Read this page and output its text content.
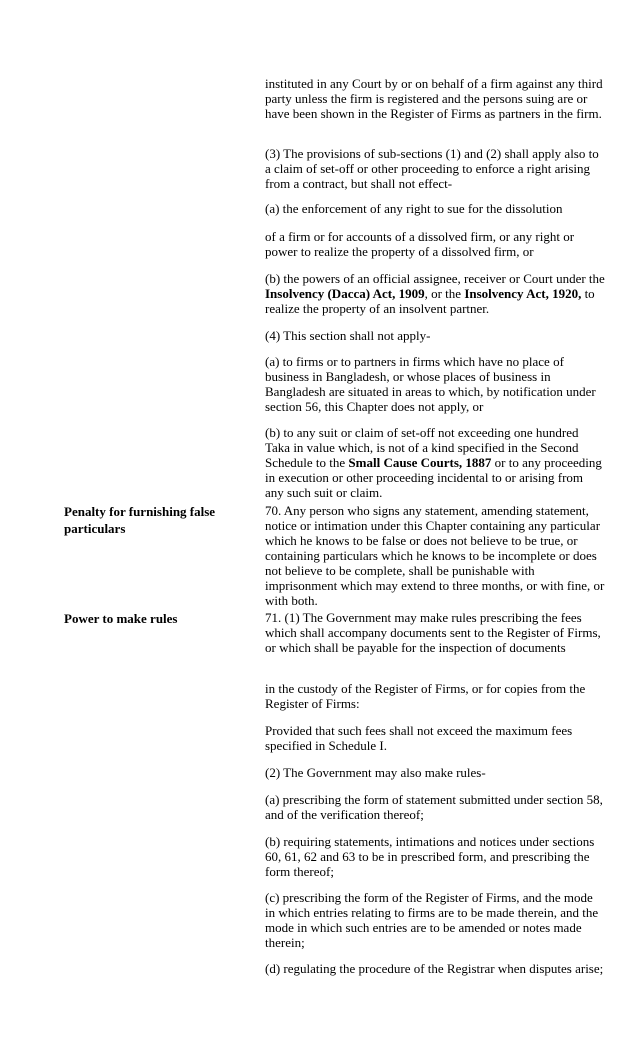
instituted in any Court by or on behalf of a firm against any third party unless the firm is registered and the persons suing are or have been shown in the Register of Firms as partners in the firm.

(3) The provisions of sub-sections (1) and (2) shall apply also to a claim of set-off or other proceeding to enforce a right arising from a contract, but shall not effect-

(a) the enforcement of any right to sue for the dissolution

of a firm or for accounts of a dissolved firm, or any right or power to realize the property of a dissolved firm, or

(b) the powers of an official assignee, receiver or Court under the Insolvency (Dacca) Act, 1909, or the Insolvency Act, 1920, to realize the property of an insolvent partner.

(4) This section shall not apply-

(a) to firms or to partners in firms which have no place of business in Bangladesh, or whose places of business in Bangladesh are situated in areas to which, by notification under section 56, this Chapter does not apply, or

(b) to any suit or claim of set-off not exceeding one hundred Taka in value which, is not of a kind specified in the Second Schedule to the Small Cause Courts, 1887 or to any proceeding in execution or other proceeding incidental to or arising from any such suit or claim.

Penalty for furnishing false particulars

70. Any person who signs any statement, amending statement, notice or intimation under this Chapter containing any particular which he knows to be false or does not believe to be true, or containing particulars which he knows to be incomplete or does not believe to be complete, shall be punishable with imprisonment which may extend to three months, or with fine, or with both.

Power to make rules	71. (1) The Government may make rules prescribing the fees which shall accompany documents sent to the Register of Firms, or which shall be payable for the inspection of documents

in the custody of the Register of Firms, or for copies from the Register of Firms:

Provided that such fees shall not exceed the maximum fees specified in Schedule I.

(2) The Government may also make rules-

(a) prescribing the form of statement submitted under section 58, and of the verification thereof;

(b) requiring statements, intimations and notices under sections 60, 61, 62 and 63 to be in prescribed form, and prescribing the form thereof;

(c) prescribing the form of the Register of Firms, and the mode in which entries relating to firms are to be made therein, and the mode in which such entries are to be amended or notes made therein;

(d) regulating the procedure of the Registrar when disputes arise;
